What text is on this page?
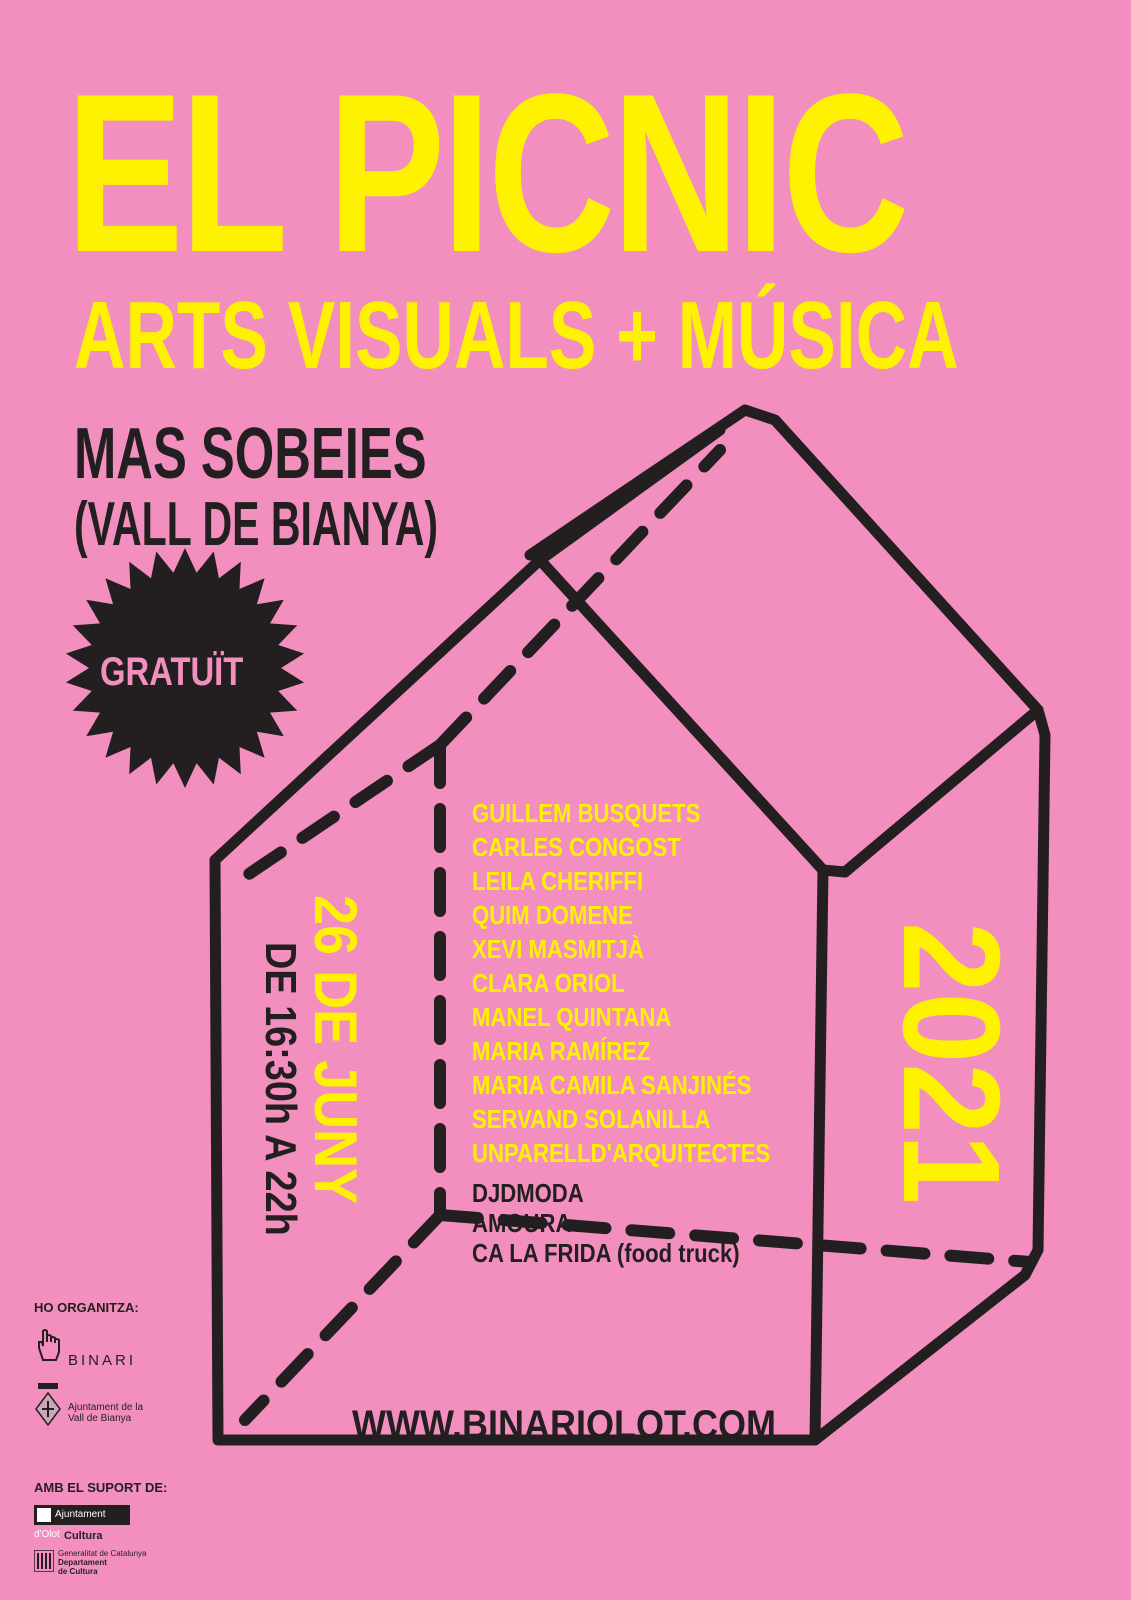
EL PICNIC
ARTS VISUALS + MÚSICA
MAS SOBEIES
(VALL DE BIANYA)
GRATUÏT
GUILLEM BUSQUETS
CARLES CONGOST
LEILA CHERIFFI
QUIM DOMENE
XEVI MASMITJÀ
CLARA ORIOL
MANEL QUINTANA
MARIA RAMÍREZ
MARIA CAMILA SANJINÉS
SERVAND SOLANILLA
UNPARELLD'ARQUITECTES
DJDMODA
AMOURA
CA LA FRIDA (food truck)
26 DE JUNY
DE 16:30h A 22h	2021
WWW.BINARIOLOT.COM
HO ORGANITZA:
BINARI
Ajuntament de la
Vall de Bianya
AMB EL SUPORT DE:
Ajuntament d'Olot Cultura
Generalitat de Catalunya
Departament
de Cultura
